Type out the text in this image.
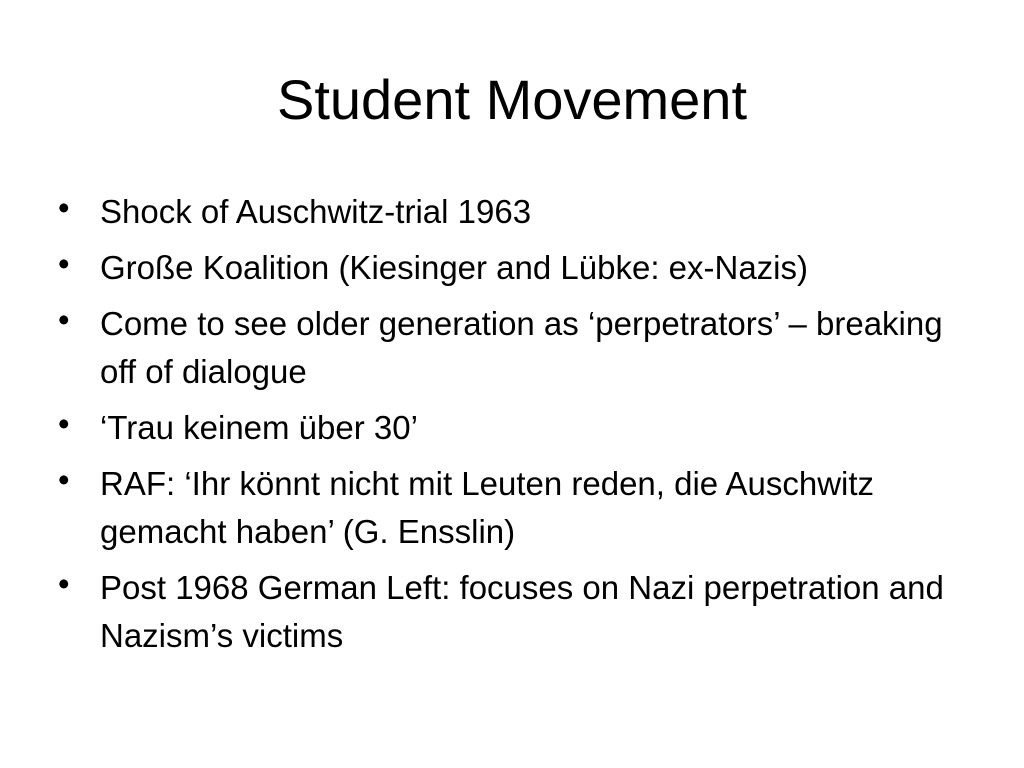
Student Movement
• Shock of Auschwitz-trial 1963
• Große Koalition (Kiesinger and Lübke: ex-Nazis)
• Come to see older generation as ‘perpetrators’ – breaking off of dialogue
• ‘Trau keinem über 30’
• RAF: ‘Ihr könnt nicht mit Leuten reden, die Auschwitz gemacht haben’ (G. Ensslin)
• Post 1968 German Left: focuses on Nazi perpetration and Nazism’s victims
